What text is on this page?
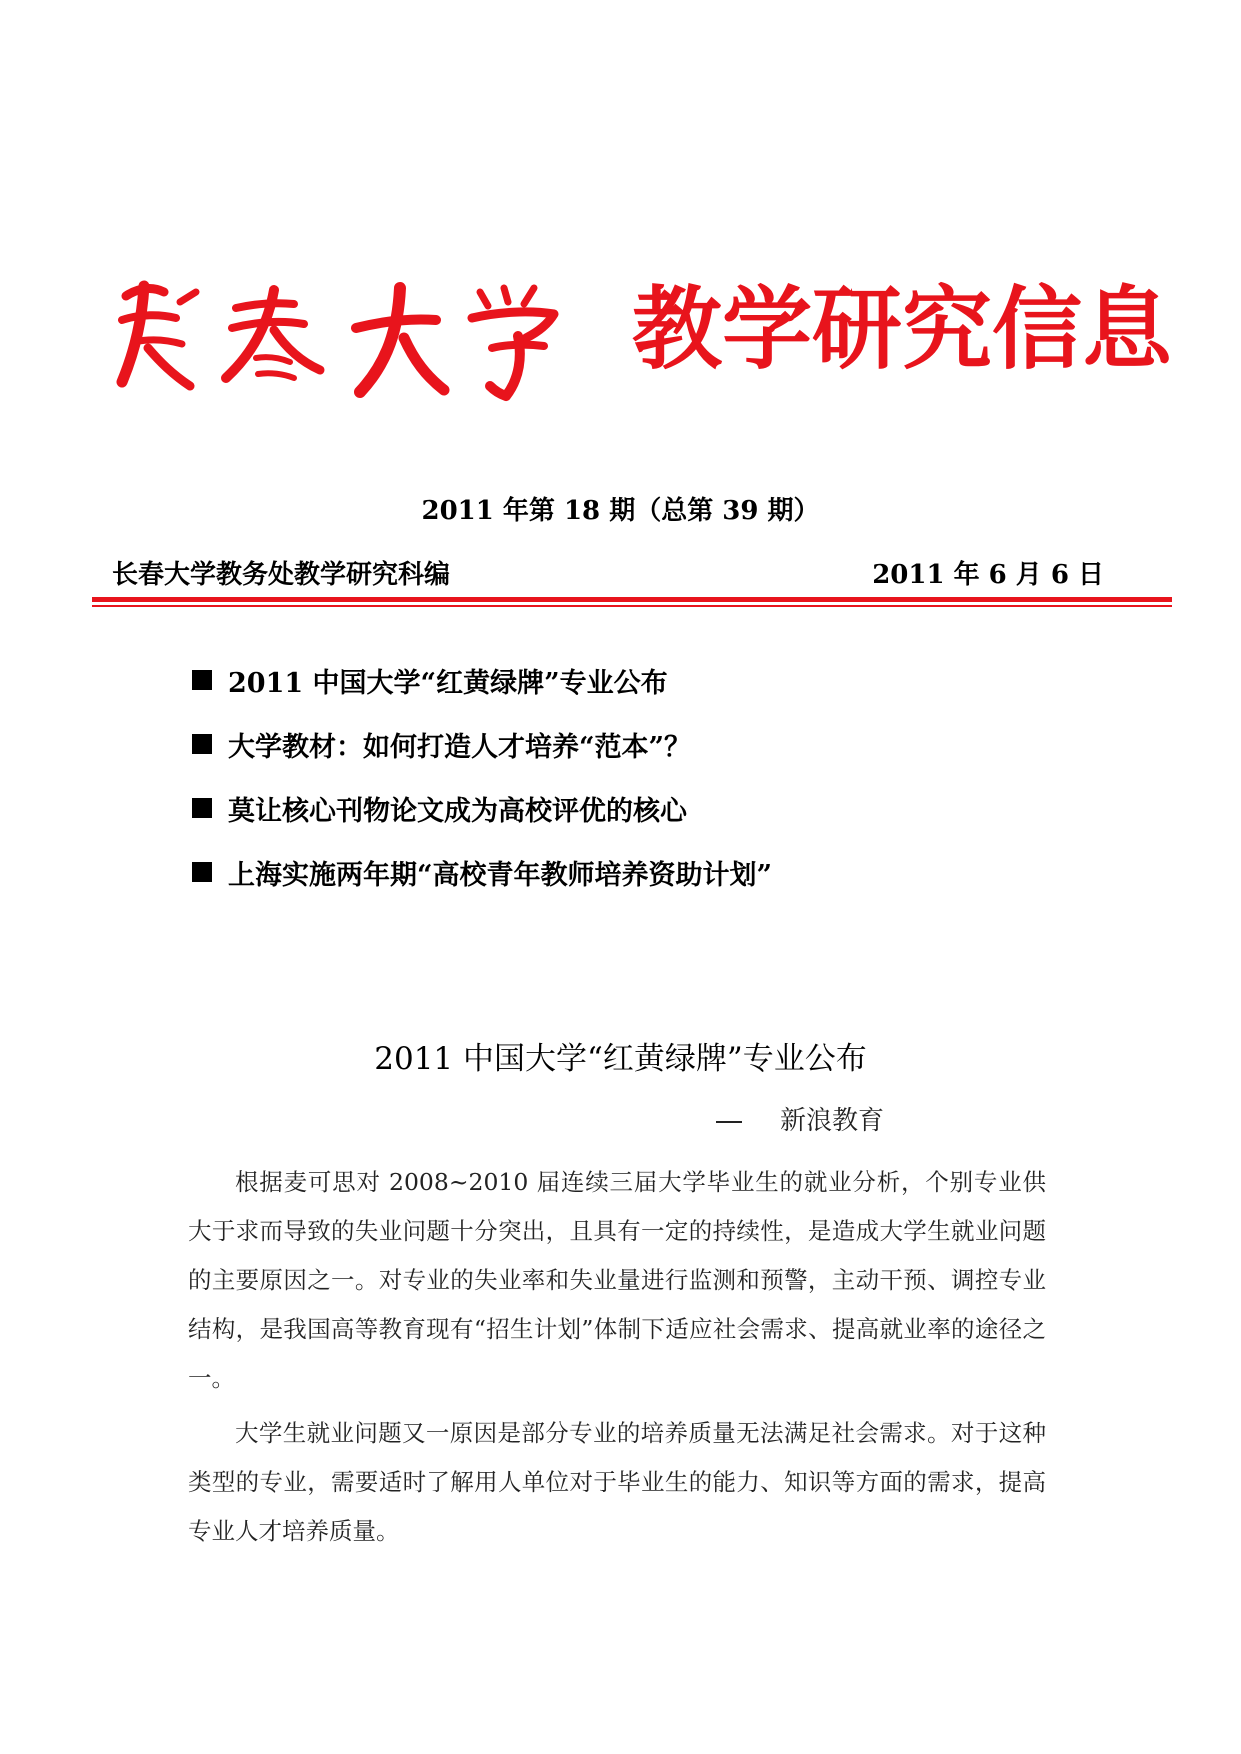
教学研究信息
2011 年第 18 期（总第 39 期）
长春大学教务处教学研究科编	2011 年 6 月 6 日
2011 中国大学“红黄绿牌”专业公布
大学教材：如何打造人才培养“范本”？
莫让核心刊物论文成为高校评优的核心
上海实施两年期“高校青年教师培养资助计划”
2011 中国大学“红黄绿牌”专业公布
新浪教育

根据麦可思对 2008~2010 届连续三届大学毕业生的就业分析，个别专业供大于求而导致的失业问题十分突出，且具有一定的持续性，是造成大学生就业问题的主要原因之一。对专业的失业率和失业量进行监测和预警，主动干预、调控专业结构，是我国高等教育现有“招生计划”体制下适应社会需求、提高就业率的途径之一。

大学生就业问题又一原因是部分专业的培养质量无法满足社会需求。对于这种类型的专业，需要适时了解用人单位对于毕业生的能力、知识等方面的需求，提高专业人才培养质量。
